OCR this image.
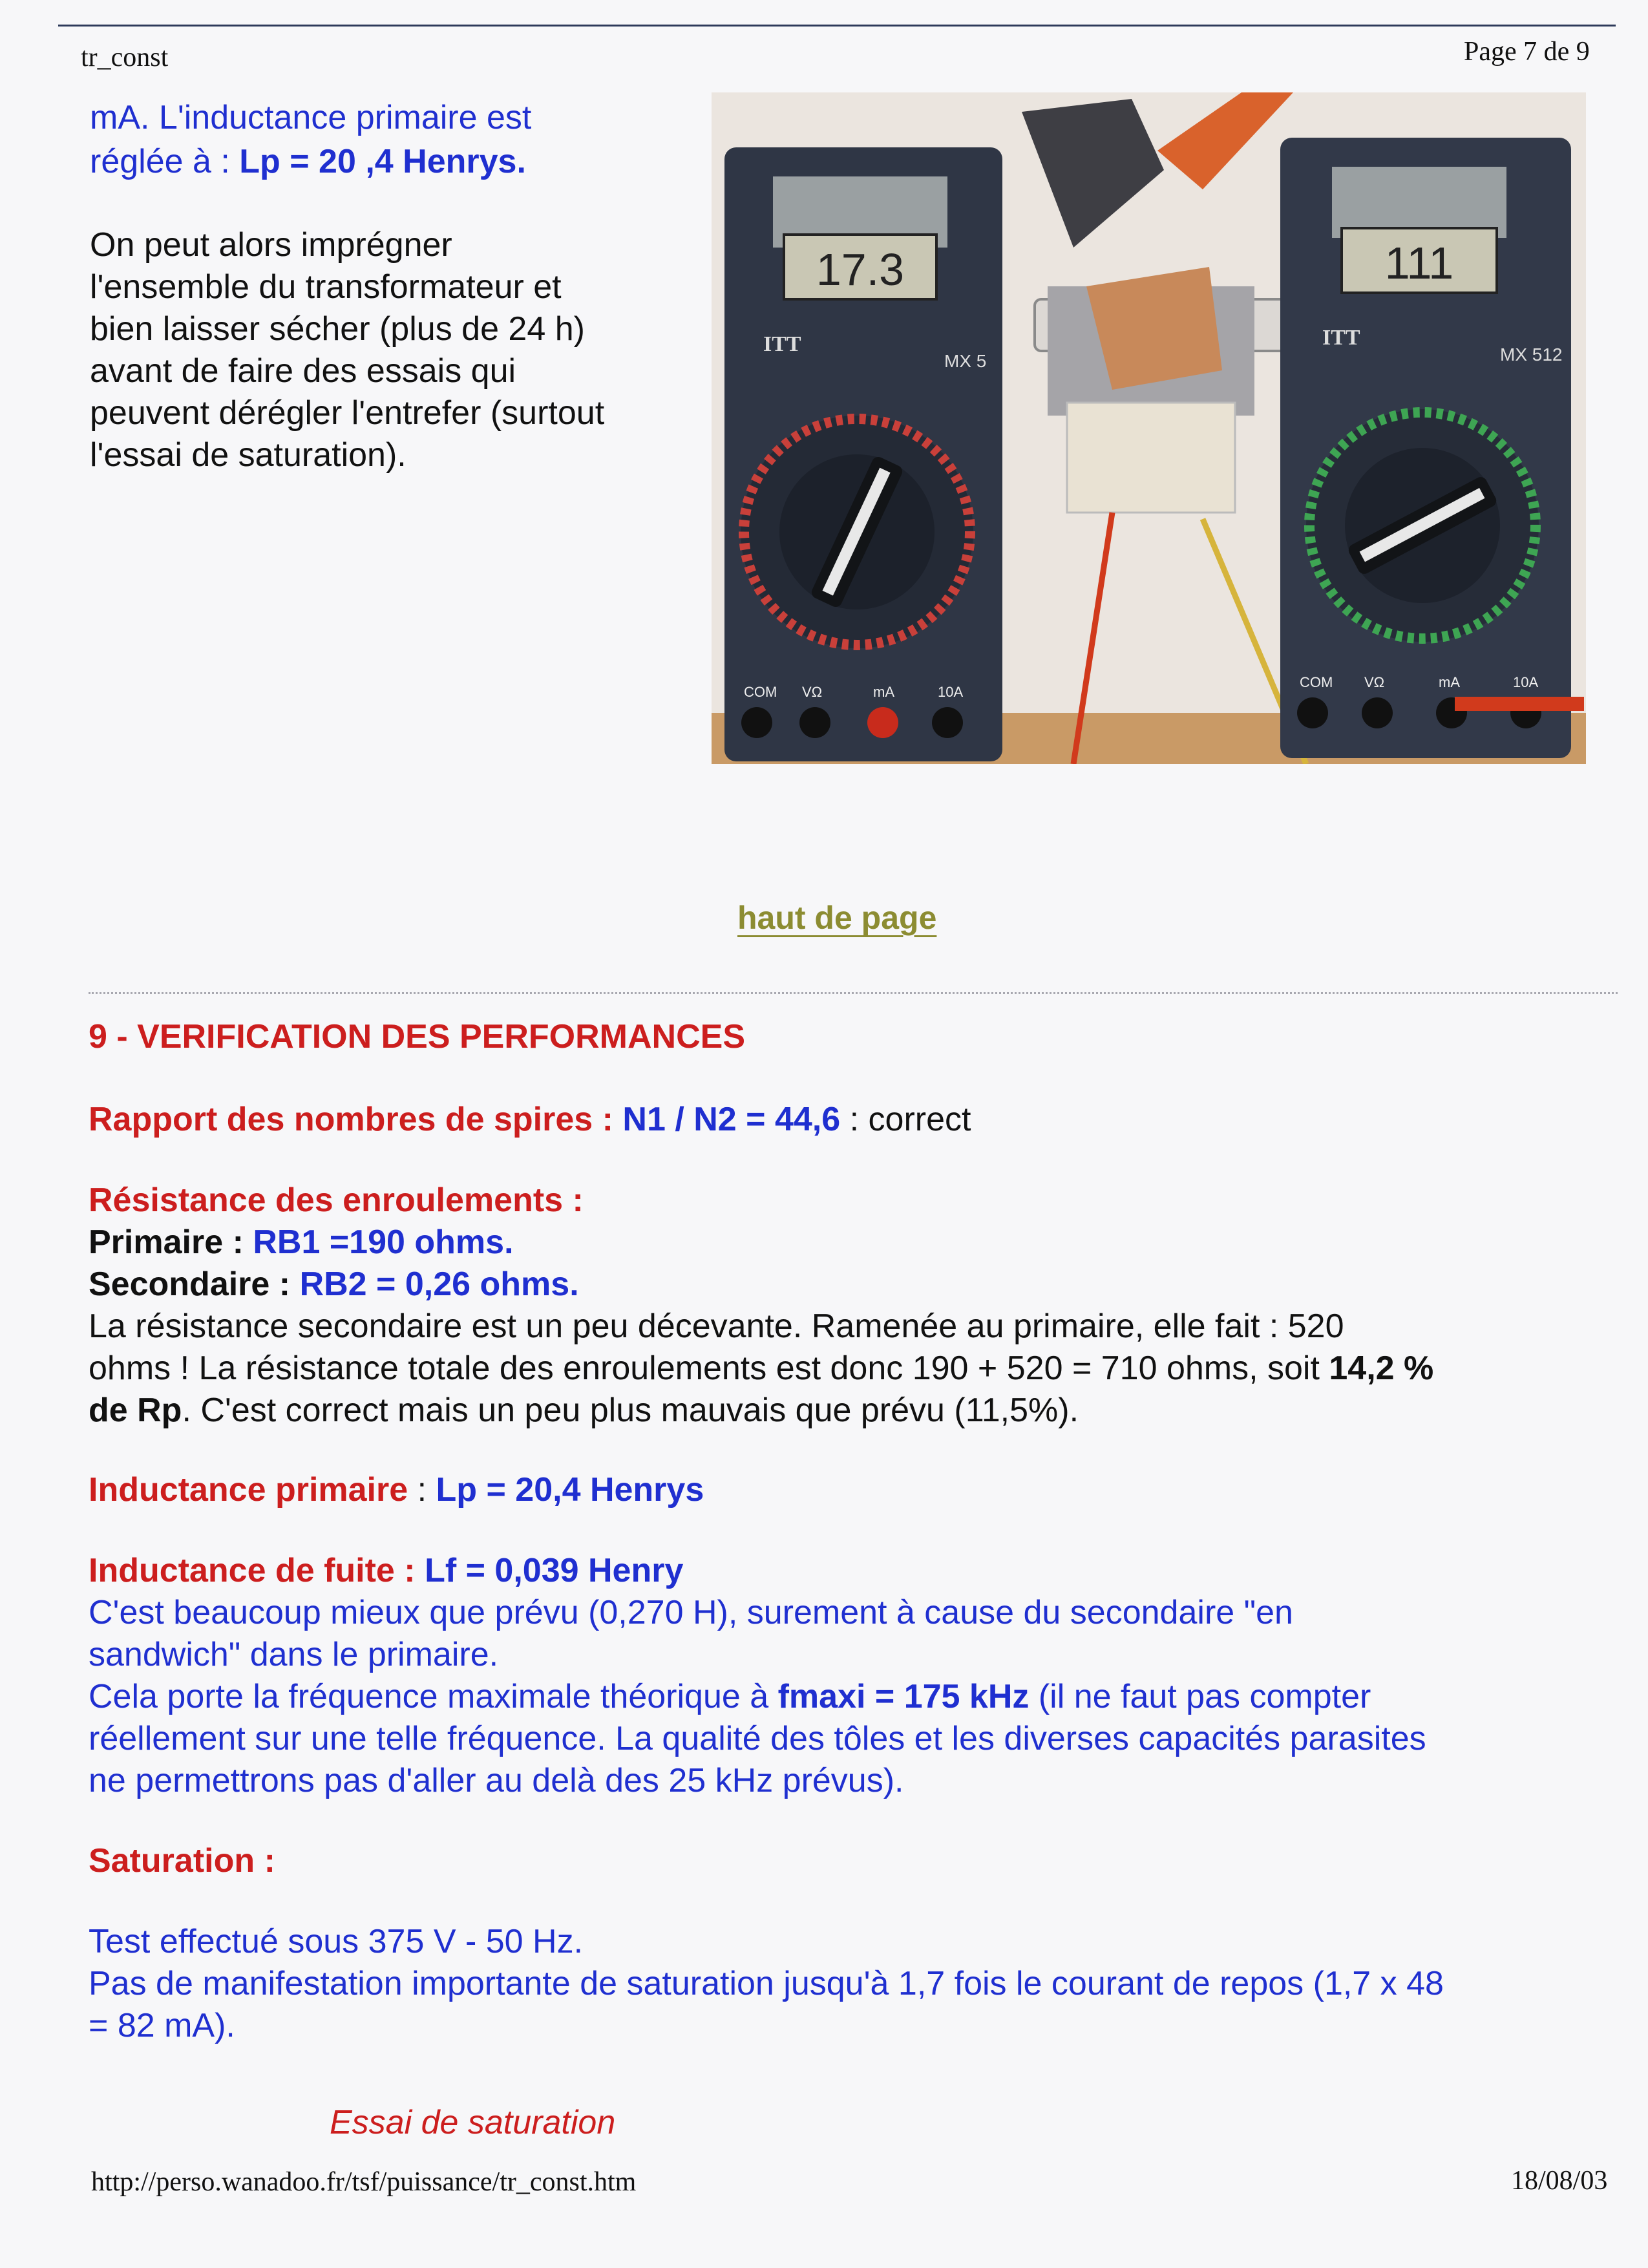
tr_const	Page 7 de 9
mA. L'inductance primaire est
réglée à : Lp = 20 ,4 Henrys.

On peut alors imprégner

l'ensemble du transformateur et

bien laisser sécher (plus de 24 h)

avant de faire des essais qui

peuvent dérégler l'entrefer (surtout

l'essai de saturation).

17.3
ITT
MX 5
COM VΩ	mA	10A
111
ITT
MX 512
COM VΩ	mA	10A
haut de page
9 - VERIFICATION DES PERFORMANCES
Rapport des nombres de spires : N1 / N2 = 44,6 : correct
Résistance des enroulements :
Primaire : RB1 =190 ohms.
Secondaire : RB2 = 0,26 ohms.

La résistance secondaire est un peu décevante. Ramenée au primaire, elle fait : 520

ohms ! La résistance totale des enroulements est donc 190 + 520 = 710 ohms, soit 14,2 %

de Rp. C'est correct mais un peu plus mauvais que prévu (11,5%).

Inductance primaire : Lp = 20,4 Henrys
Inductance de fuite : Lf = 0,039 Henry

C'est beaucoup mieux que prévu (0,270 H), surement à cause du secondaire "en

sandwich" dans le primaire.

Cela porte la fréquence maximale théorique à fmaxi = 175 kHz (il ne faut pas compter

réellement sur une telle fréquence. La qualité des tôles et les diverses capacités parasites

ne permettrons pas d'aller au delà des 25 kHz prévus).

Saturation :

Test effectué sous 375 V - 50 Hz.

Pas de manifestation importante de saturation jusqu'à 1,7 fois le courant de repos (1,7 x 48

= 82 mA).

Essai de saturation
http://perso.wanadoo.fr/tsf/puissance/tr_const.htm	18/08/03
